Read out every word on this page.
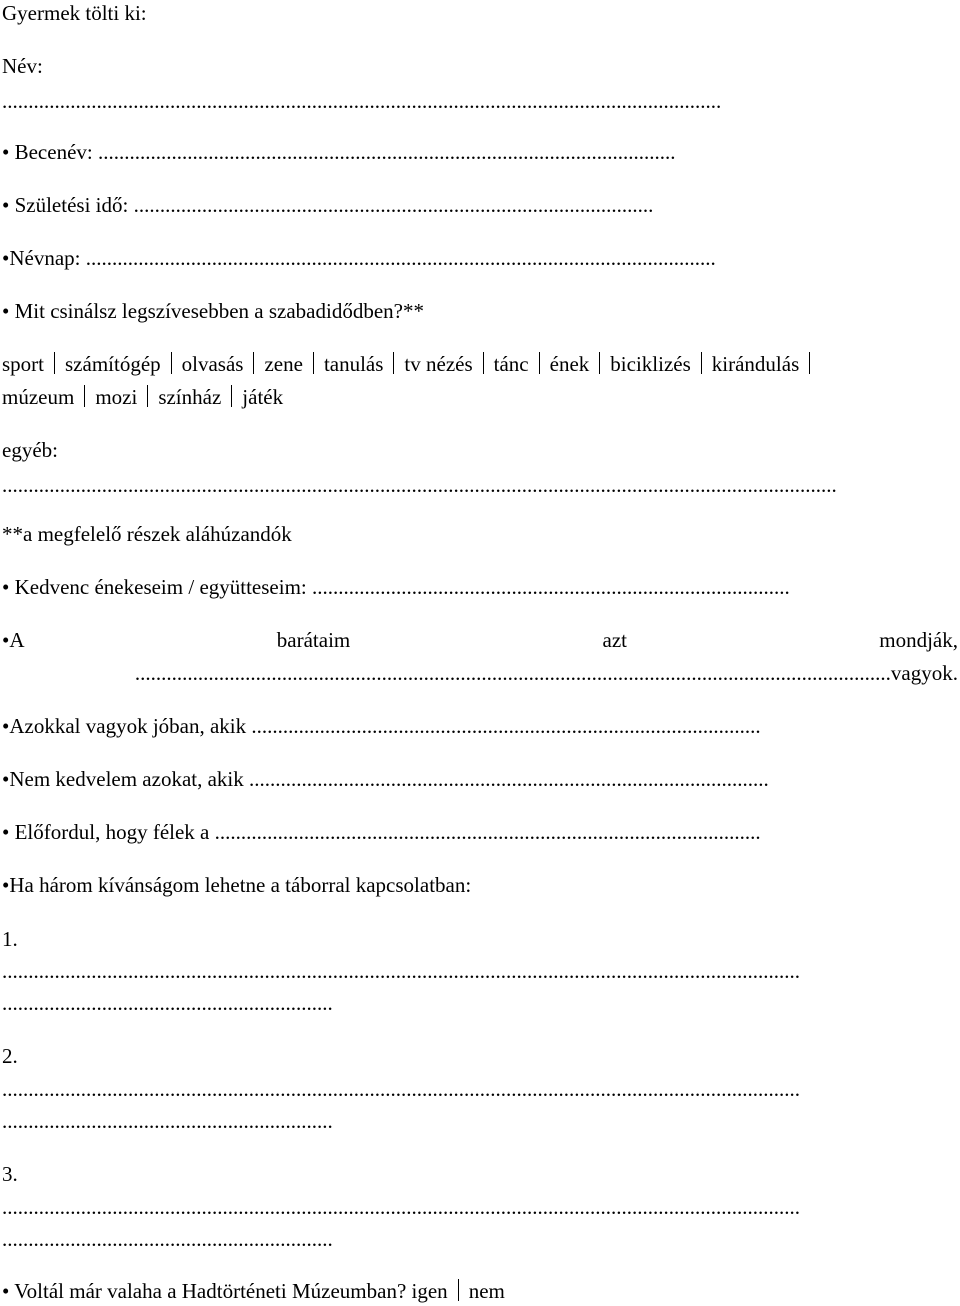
Gyermek tölti ki:
Név:
.........................................................................................................................................
• Becenév: ..............................................................................................................
• Születési idő: ...................................................................................................
•Névnap: ........................................................................................................................
• Mit csinálsz legszívesebben a szabadidődben?**
sport számítógép olvasás zene tanulás tv nézés tánc ének biciklizés kirándulás
múzeum mozi színház játék
egyéb:
...............................................................................................................................................................
**a megfelelő részek aláhúzandók
• Kedvenc énekeseim / együtteseim: ...........................................................................................
•A	barátaim	azt	mondják,
................................................................................................................................................vagyok.
•Azokkal vagyok jóban, akik .................................................................................................
•Nem kedvelem azokat, akik ...................................................................................................
• Előfordul, hogy félek a ........................................................................................................
•Ha három kívánságom lehetne a táborral kapcsolatban:
1.
........................................................................................................................................................
...............................................................
2.
........................................................................................................................................................
...............................................................
3.
........................................................................................................................................................
...............................................................
• Voltál már valaha a Hadtörténeti Múzeumban? igen nem
